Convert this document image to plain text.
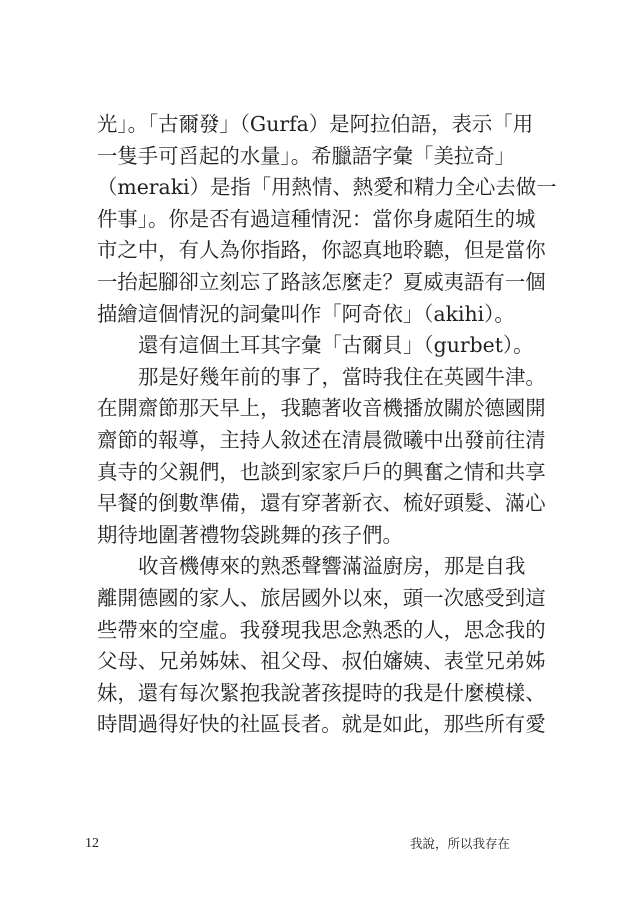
光」。「古爾發」（Gurfa）是阿拉伯語，表示「用
一隻手可舀起的水量」。希臘語字彙「美拉奇」
（meraki）是指「用熱情、熱愛和精力全心去做一
件事」。你是否有過這種情況：當你身處陌生的城
市之中，有人為你指路，你認真地聆聽，但是當你
一抬起腳卻立刻忘了路該怎麼走？夏威夷語有一個
描繪這個情況的詞彙叫作「阿奇依」（akihi）。
還有這個土耳其字彙「古爾貝」（gurbet）。
那是好幾年前的事了，當時我住在英國牛津。
在開齋節那天早上，我聽著收音機播放關於德國開
齋節的報導，主持人敘述在清晨微曦中出發前往清
真寺的父親們，也談到家家戶戶的興奮之情和共享
早餐的倒數準備，還有穿著新衣、梳好頭髮、滿心
期待地圍著禮物袋跳舞的孩子們。
收音機傳來的熟悉聲響滿溢廚房，那是自我
離開德國的家人、旅居國外以來，頭一次感受到這
些帶來的空虛。我發現我思念熟悉的人，思念我的
父母、兄弟姊妹、祖父母、叔伯嬸姨、表堂兄弟姊
妹，還有每次緊抱我說著孩提時的我是什麼模樣、
時間過得好快的社區長者。就是如此，那些所有愛
12	我說，所以我存在
